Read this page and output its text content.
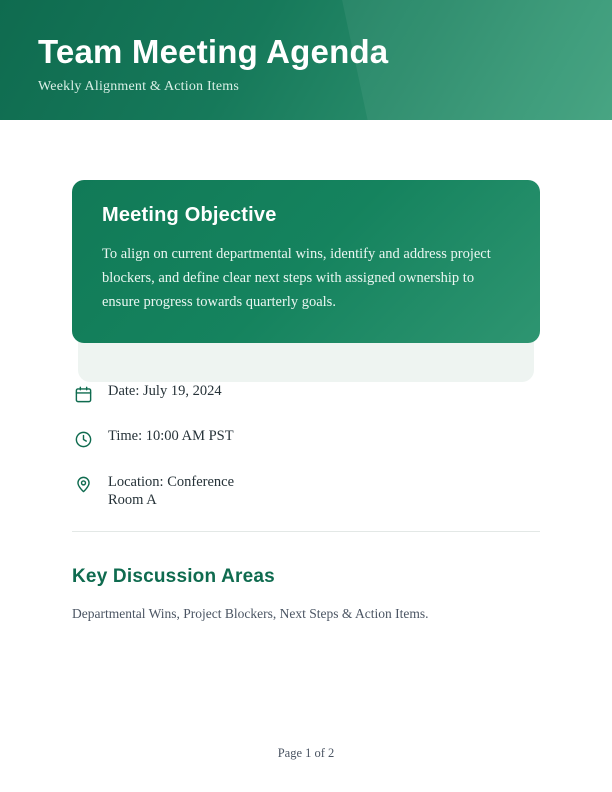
Team Meeting Agenda
Weekly Alignment & Action Items
Meeting Objective

To align on current departmental wins, identify and address project blockers, and define clear next steps with assigned ownership to ensure progress towards quarterly goals.

Date: July 19, 2024
Time: 10:00 AM PST
Location: Conference Room A
Key Discussion Areas

Departmental Wins, Project Blockers, Next Steps & Action Items.

Page 1 of 2
